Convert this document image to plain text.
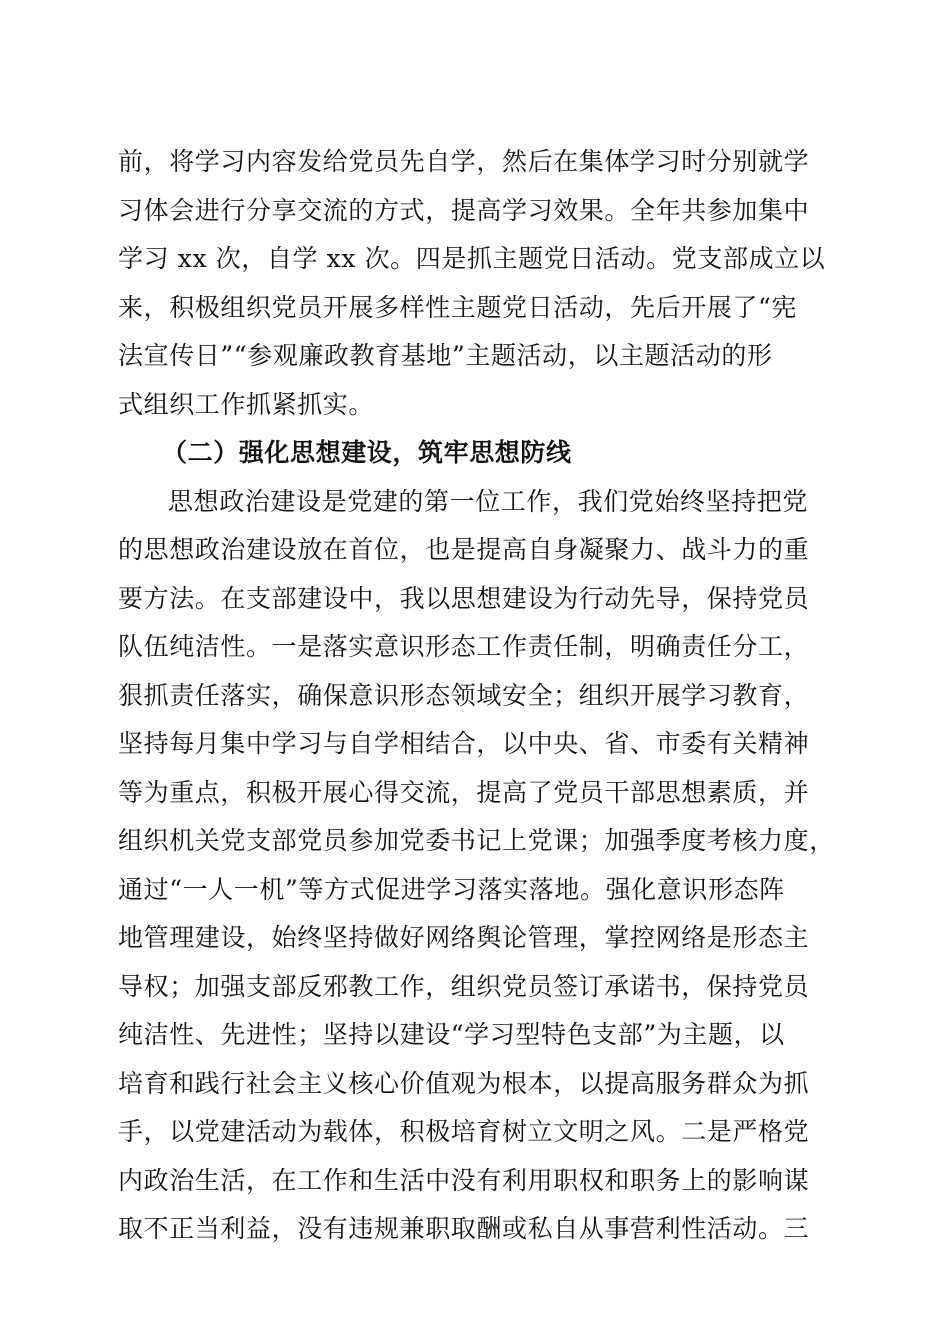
前，将学习内容发给党员先自学，然后在集体学习时分别就学
习体会进行分享交流的方式，提高学习效果。全年共参加集中
学习 xx 次，自学 xx 次。四是抓主题党日活动。党支部成立以
来，积极组织党员开展多样性主题党日活动，先后开展了“宪
法宣传日”“参观廉政教育基地”主题活动，以主题活动的形
式组织工作抓紧抓实。
（二）强化思想建设，筑牢思想防线
思想政治建设是党建的第一位工作，我们党始终坚持把党
的思想政治建设放在首位，也是提高自身凝聚力、战斗力的重
要方法。在支部建设中，我以思想建设为行动先导，保持党员
队伍纯洁性。一是落实意识形态工作责任制，明确责任分工，
狠抓责任落实，确保意识形态领域安全；组织开展学习教育，
坚持每月集中学习与自学相结合，以中央、省、市委有关精神
等为重点，积极开展心得交流，提高了党员干部思想素质，并
组织机关党支部党员参加党委书记上党课；加强季度考核力度，
通过“一人一机”等方式促进学习落实落地。强化意识形态阵
地管理建设，始终坚持做好网络舆论管理，掌控网络是形态主
导权；加强支部反邪教工作，组织党员签订承诺书，保持党员
纯洁性、先进性；坚持以建设“学习型特色支部”为主题，以
培育和践行社会主义核心价值观为根本，以提高服务群众为抓
手，以党建活动为载体，积极培育树立文明之风。二是严格党
内政治生活，在工作和生活中没有利用职权和职务上的影响谋
取不正当利益，没有违规兼职取酬或私自从事营利性活动。三
